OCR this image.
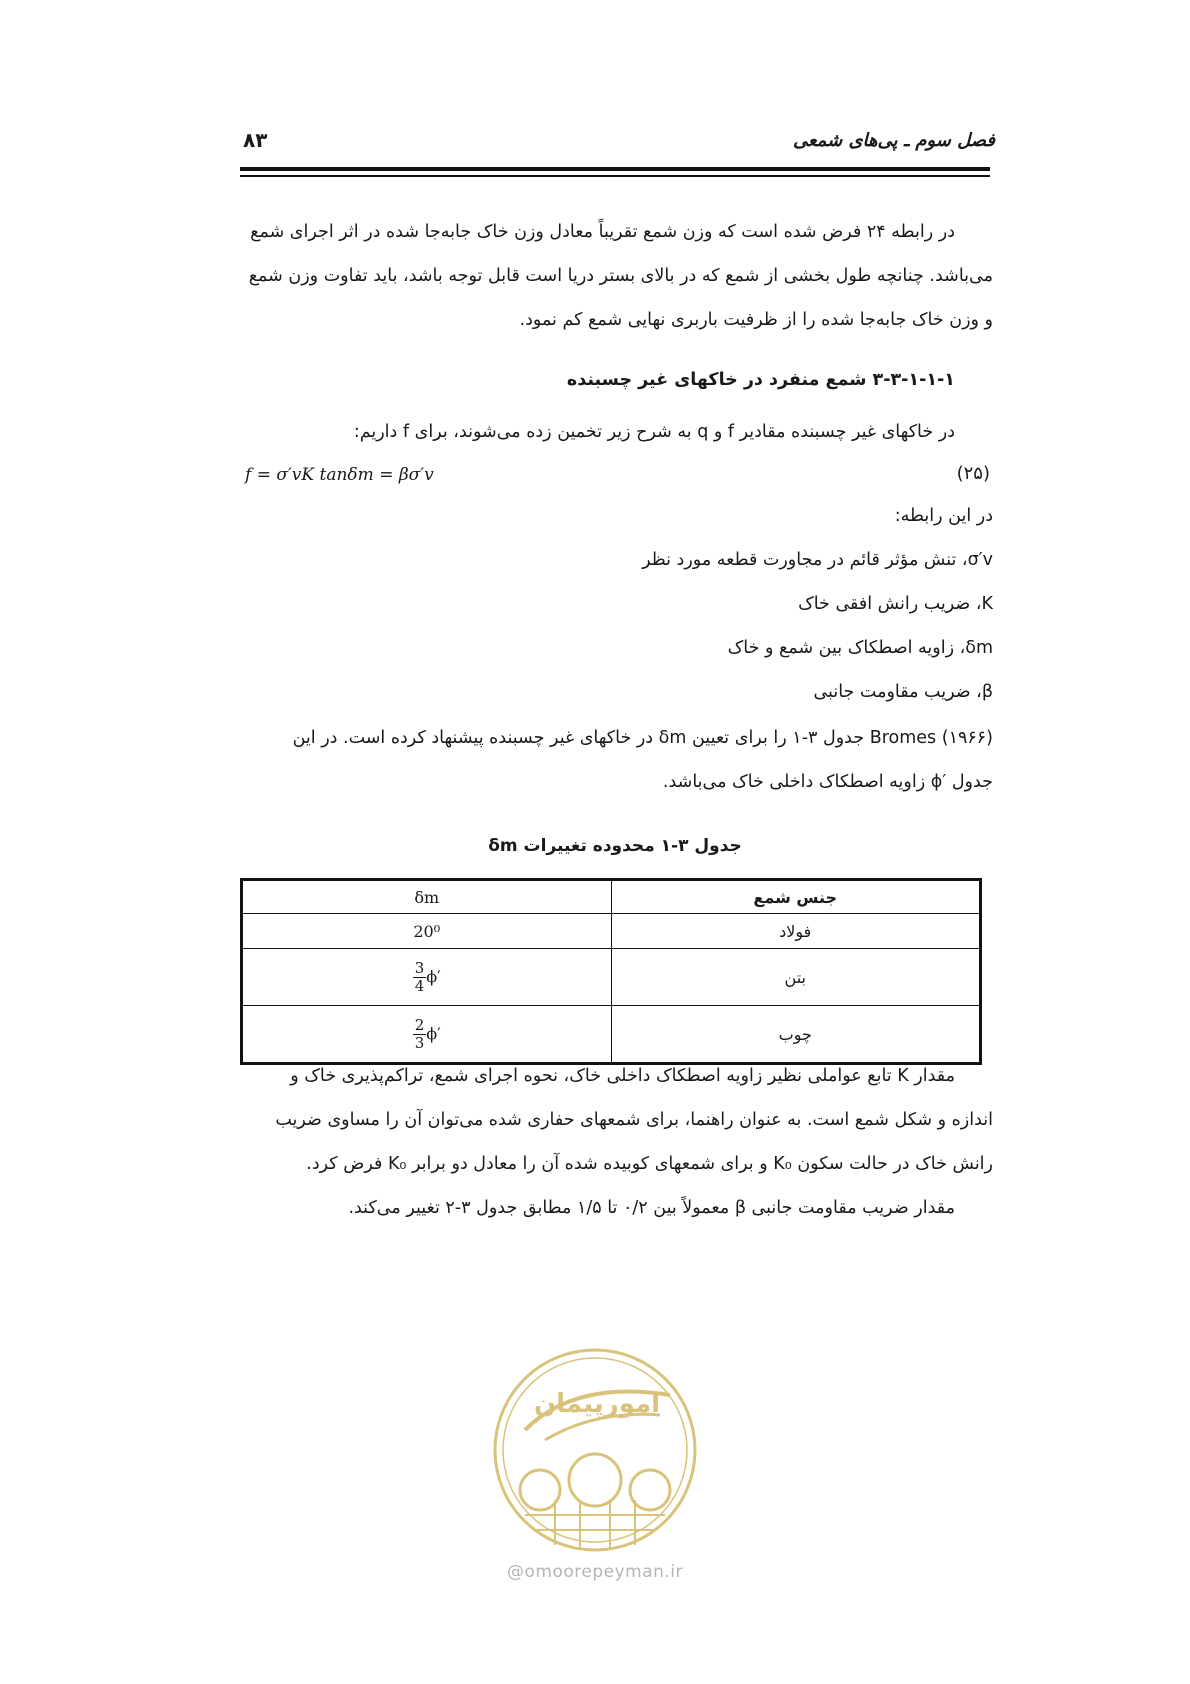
فصل سوم ـ پی‌های شمعی
۸۳
در رابطه ۲۴ فرض شده است که وزن شمع تقریباً معادل وزن خاک جابه‌جا شده در اثر اجرای شمع
می‌باشد. چنانچه طول بخشی از شمع که در بالای بستر دریا است قابل توجه باشد، باید تفاوت وزن شمع
و وزن خاک جابه‌جا شده را از ظرفیت باربری نهایی شمع کم نمود.
۳-۳-۱-۱-۱ شمع منفرد در خاکهای غیر چسبنده
در خاکهای غیر چسبنده مقادیر f و q به شرح زیر تخمین زده می‌شوند، برای f داریم:
f = σ′vK tanδm = βσ′v	(۲۵)
در این رابطه:
σ′v، تنش مؤثر قائم در مجاورت قطعه مورد نظر
K، ضریب رانش افقی خاک
δm، زاویه اصطکاک بین شمع و خاک
β، ضریب مقاومت جانبی
Bromes (۱۹۶۶) جدول ۳-۱ را برای تعیین δm در خاکهای غیر چسبنده پیشنهاد کرده است. در این
جدول ′ϕ زاویه اصطکاک داخلی خاک می‌باشد.
جدول ۳-۱ محدوده تغییرات δm
جنس شمع	δm
فولاد	20⁰
بتن	$\frac{3}{4} \phi'$
چوب	$\frac{2}{3} \phi'$
مقدار K تابع عواملی نظیر زاویه اصطکاک داخلی خاک، نحوه اجرای شمع، تراکم‌پذیری خاک و
اندازه و شکل شمع است. به عنوان راهنما، برای شمعهای حفاری شده می‌توان آن را مساوی ضریب
رانش خاک در حالت سکون K₀ و برای شمعهای کوبیده شده آن را معادل دو برابر K₀ فرض کرد.
مقدار ضریب مقاومت جانبی β معمولاً بین ۰/۲ تا ۱/۵ مطابق جدول ۳-۲ تغییر می‌کند.
امورپیمان
@omoorepeyman.ir
